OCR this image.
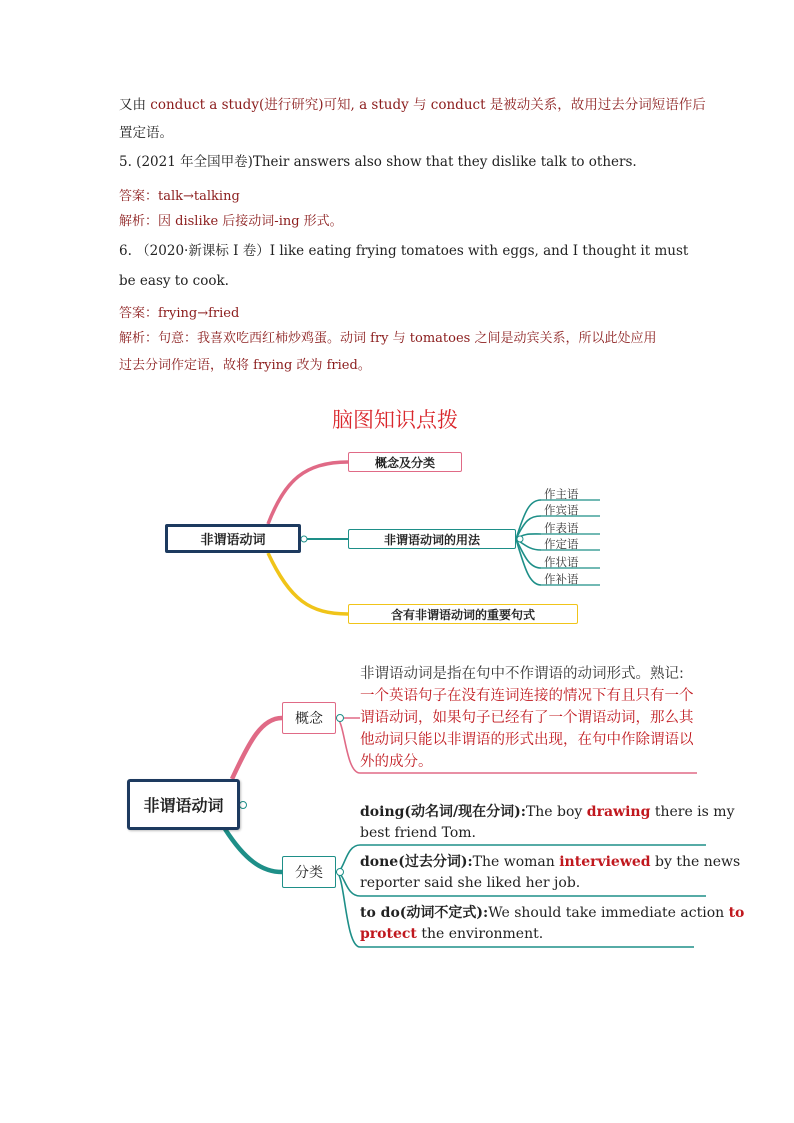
又由 conduct a study(进行研究)可知, a study 与 conduct 是被动关系，故用过去分词短语作后
置定语。
5. (2021 年全国甲卷)Their answers also show that they dislike talk to others.
答案：talk→talking
解析：因 dislike 后接动词-ing 形式。
6. （2020·新课标 I 卷）I like eating frying tomatoes with eggs, and I thought it must
be easy to cook.
答案：frying→fried
解析：句意：我喜欢吃西红柿炒鸡蛋。动词 fry 与 tomatoes 之间是动宾关系，所以此处应用
过去分词作定语，故将 frying 改为 fried。
脑图知识点拨
非谓语动词
概念及分类
非谓语动词的用法
含有非谓语动词的重要句式
作主语
作宾语
作表语
作定语
作状语
作补语
非谓语动词
概念
分类
非谓语动词是指在句中不作谓语的动词形式。熟记:
一个英语句子在没有连词连接的情况下有且只有一个
谓语动词，如果句子已经有了一个谓语动词，那么其
他动词只能以非谓语的形式出现，在句中作除谓语以
外的成分。
doing(动名词/现在分词):The boy drawing there is my
best friend Tom.
done(过去分词):The woman interviewed by the news
reporter said she liked her job.
to do(动词不定式):We should take immediate action to
protect the environment.
